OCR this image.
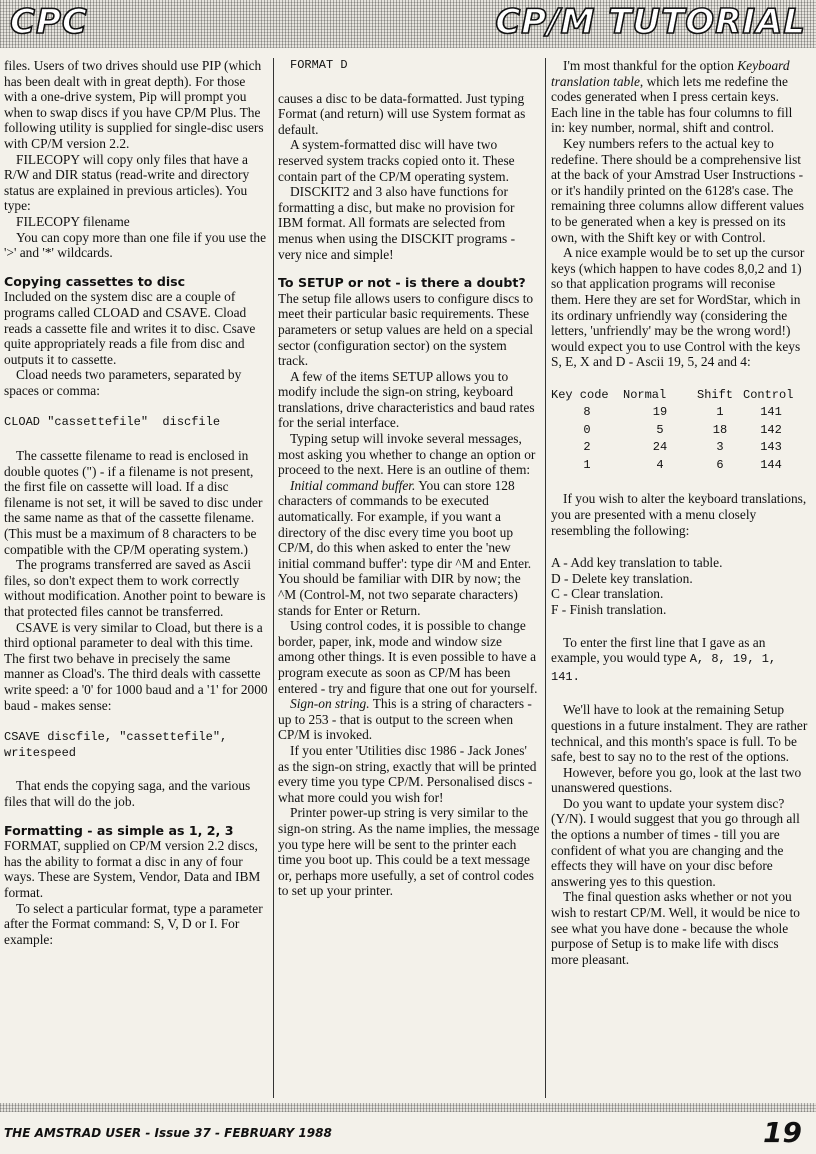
CPC	CP/M TUTORIAL

files. Users of two drives should use PIP (which has been dealt with in great depth). For those with a one-drive system, Pip will prompt you when to swap discs if you have CP/M Plus. The following utility is supplied for single-disc users with CP/M version 2.2.

FILECOPY will copy only files that have a R/W and DIR status (read-write and directory status are explained in previous articles). You type:

FILECOPY filename

You can copy more than one file if you use the '>' and '*' wildcards.

Copying cassettes to disc

Included on the system disc are a couple of programs called CLOAD and CSAVE. Cload reads a cassette file and writes it to disc. Csave quite appropriately reads a file from disc and outputs it to cassette.

Cload needs two parameters, separated by spaces or comma:

CLOAD "cassettefile"  discfile

The cassette filename to read is enclosed in double quotes (") - if a filename is not present, the first file on cassette will load. If a disc filename is not set, it will be saved to disc under the same name as that of the cassette filename. (This must be a maximum of 8 characters to be compatible with the CP/M operating system.)

The programs transferred are saved as Ascii files, so don't expect them to work correctly without modification. Another point to beware is that protected files cannot be transferred.

CSAVE is very similar to Cload, but there is a third optional parameter to deal with this time. The first two behave in precisely the same manner as Cload's. The third deals with cassette write speed: a '0' for 1000 baud and a '1' for 2000 baud - makes sense:

CSAVE discfile, "cassettefile", writespeed

That ends the copying saga, and the various files that will do the job.

Formatting - as simple as 1, 2, 3

FORMAT, supplied on CP/M version 2.2 discs, has the ability to format a disc in any of four ways. These are System, Vendor, Data and IBM format.

To select a particular format, type a parameter after the Format command: S, V, D or I. For example:

FORMAT D

causes a disc to be data-formatted. Just typing Format (and return) will use System format as default.

A system-formatted disc will have two reserved system tracks copied onto it. These contain part of the CP/M operating system.

DISCKIT2 and 3 also have functions for formatting a disc, but make no provision for IBM format. All formats are selected from menus when using the DISCKIT programs - very nice and simple!

To SETUP or not - is there a doubt?

The setup file allows users to configure discs to meet their particular basic requirements. These parameters or setup values are held on a special sector (configuration sector) on the system track.

A few of the items SETUP allows you to modify include the sign-on string, keyboard translations, drive characteristics and baud rates for the serial interface.

Typing setup will invoke several messages, most asking you whether to change an option or proceed to the next. Here is an outline of them:

Initial command buffer. You can store 128 characters of commands to be executed automatically. For example, if you want a directory of the disc every time you boot up CP/M, do this when asked to enter the 'new initial command buffer': type dir ^M and Enter. You should be familiar with DIR by now; the ^M (Control-M, not two separate characters) stands for Enter or Return.

Using control codes, it is possible to change border, paper, ink, mode and window size among other things. It is even possible to have a program execute as soon as CP/M has been entered - try and figure that one out for yourself.

Sign-on string. This is a string of characters - up to 253 - that is output to the screen when CP/M is invoked.

If you enter 'Utilities disc 1986 - Jack Jones' as the sign-on string, exactly that will be printed every time you type CP/M. Personalised discs - what more could you wish for!

Printer power-up string is very similar to the sign-on string. As the name implies, the message you type here will be sent to the printer each time you boot up. This could be a text message or, perhaps more usefully, a set of control codes to set up your printer.

I'm most thankful for the option Keyboard translation table, which lets me redefine the codes generated when I press certain keys. Each line in the table has four columns to fill in: key number, normal, shift and control.

Key numbers refers to the actual key to redefine. There should be a comprehensive list at the back of your Amstrad User Instructions - or it's handily printed on the 6128's case. The remaining three columns allow different values to be generated when a key is pressed on its own, with the Shift key or with Control.

A nice example would be to set up the cursor keys (which happen to have codes 8,0,2 and 1) so that application programs will reconise them. Here they are set for WordStar, which in its ordinary unfriendly way (considering the letters, 'unfriendly' may be the wrong word!) would expect you to use Control with the keys S, E, X and D - Ascii 19, 5, 24 and 4:

Key code	Normal	Shift	Control
8	19	1	141
0	5	18	142
2	24	3	143
1	4	6	144

If you wish to alter the keyboard translations, you are presented with a menu closely resembling the following:

A - Add key translation to table.

D - Delete key translation.

C - Clear translation.

F - Finish translation.

To enter the first line that I gave as an example, you would type A, 8, 19, 1, 141.

We'll have to look at the remaining Setup questions in a future instalment. They are rather technical, and this month's space is full. To be safe, best to say no to the rest of the options.

However, before you go, look at the last two unanswered questions.

Do you want to update your system disc? (Y/N). I would suggest that you go through all the options a number of times - till you are confident of what you are changing and the effects they will have on your disc before answering yes to this question.

The final question asks whether or not you wish to restart CP/M. Well, it would be nice to see what you have done - because the whole purpose of Setup is to make life with discs more pleasant.

THE AMSTRAD USER - Issue 37 - FEBRUARY 1988	19
